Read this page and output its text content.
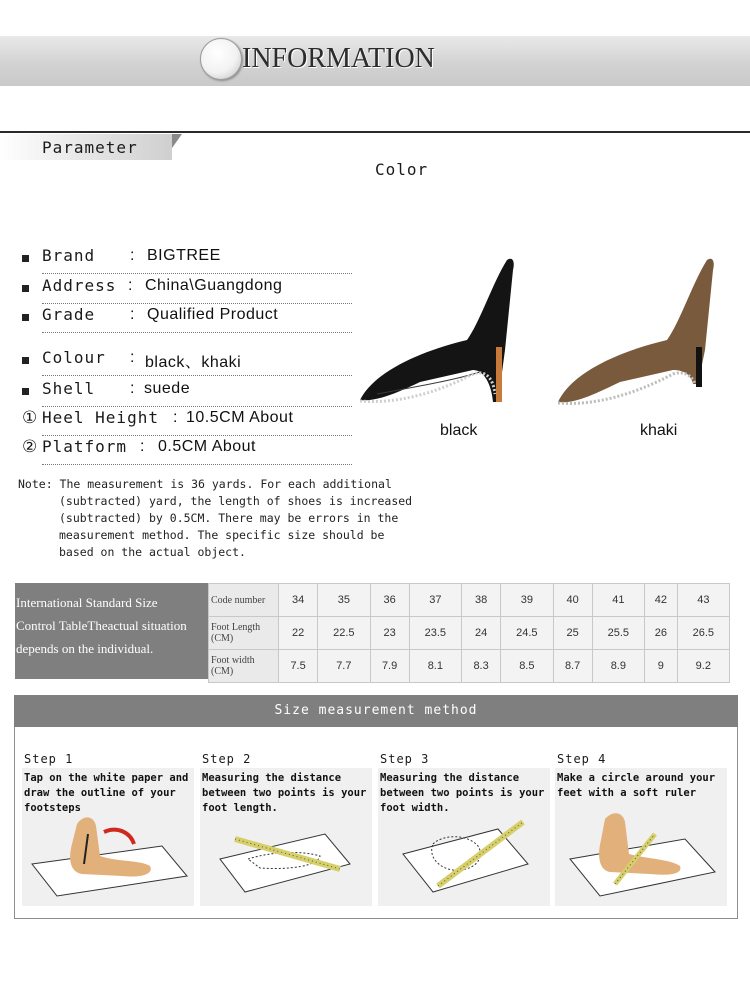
INFORMATION
Parameter
Color
Brand : BIGTREE
Address : China\Guangdong
Grade : Qualified Product
Colour : black、khaki
Shell : suede
① Heel Height : 10.5CM About
② Platform : 0.5CM About
black	khaki
Note: The measurement is 36 yards. For each additional
(subtracted) yard, the length of shoes is increased
(subtracted) by 0.5CM. There may be errors in the
measurement method. The specific size should be
based on the actual object.
International Standard Size
Control TableTheactual situation
depends on the individual.
Code number	34	35	36	37	38	39	40	41	42	43
Foot Length (CM)	22	22.5	23	23.5	24	24.5	25	25.5	26	26.5
Foot width (CM)	7.5	7.7	7.9	8.1	8.3	8.5	8.7	8.9	9	9.2
Size measurement method
Step 1	Step 2	Step 3	Step 4
Tap on the white paper and draw the outline of your footsteps
Measuring the distance between two points is your foot length.
Measuring the distance between two points is your foot width.
Make a circle around your feet with a soft ruler
